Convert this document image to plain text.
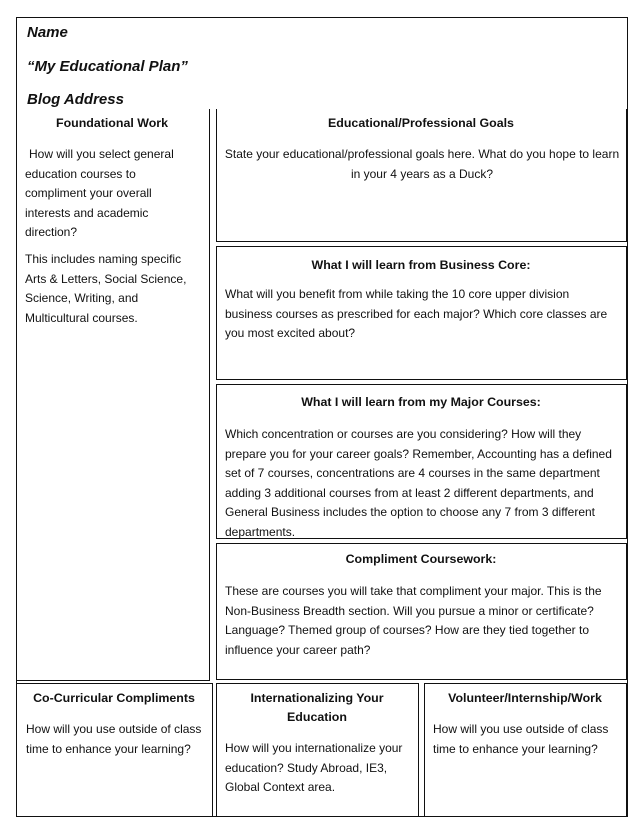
Name
“My Educational Plan”
Blog Address
Foundational Work
How will you select general education courses to compliment your overall interests and academic direction?
This includes naming specific Arts & Letters, Social Science, Science, Writing, and Multicultural courses.
Educational/Professional Goals
State your educational/professional goals here. What do you hope to learn in your 4 years as a Duck?
What I will learn from Business Core:
What will you benefit from while taking the 10 core upper division business courses as prescribed for each major? Which core classes are you most excited about?
What I will learn from my Major Courses:
Which concentration or courses are you considering? How will they prepare you for your career goals? Remember, Accounting has a defined set of 7 courses, concentrations are 4 courses in the same department adding 3 additional courses from at least 2 different departments, and General Business includes the option to choose any 7 from 3 different departments.
Compliment Coursework:
These are courses you will take that compliment your major. This is the Non-Business Breadth section. Will you pursue a minor or certificate? Language? Themed group of courses? How are they tied together to influence your career path?
Co-Curricular Compliments
How will you use outside of class time to enhance your learning?
Internationalizing Your Education
How will you internationalize your education? Study Abroad, IE3, Global Context area.
Volunteer/Internship/Work
How will you use outside of class time to enhance your learning?
